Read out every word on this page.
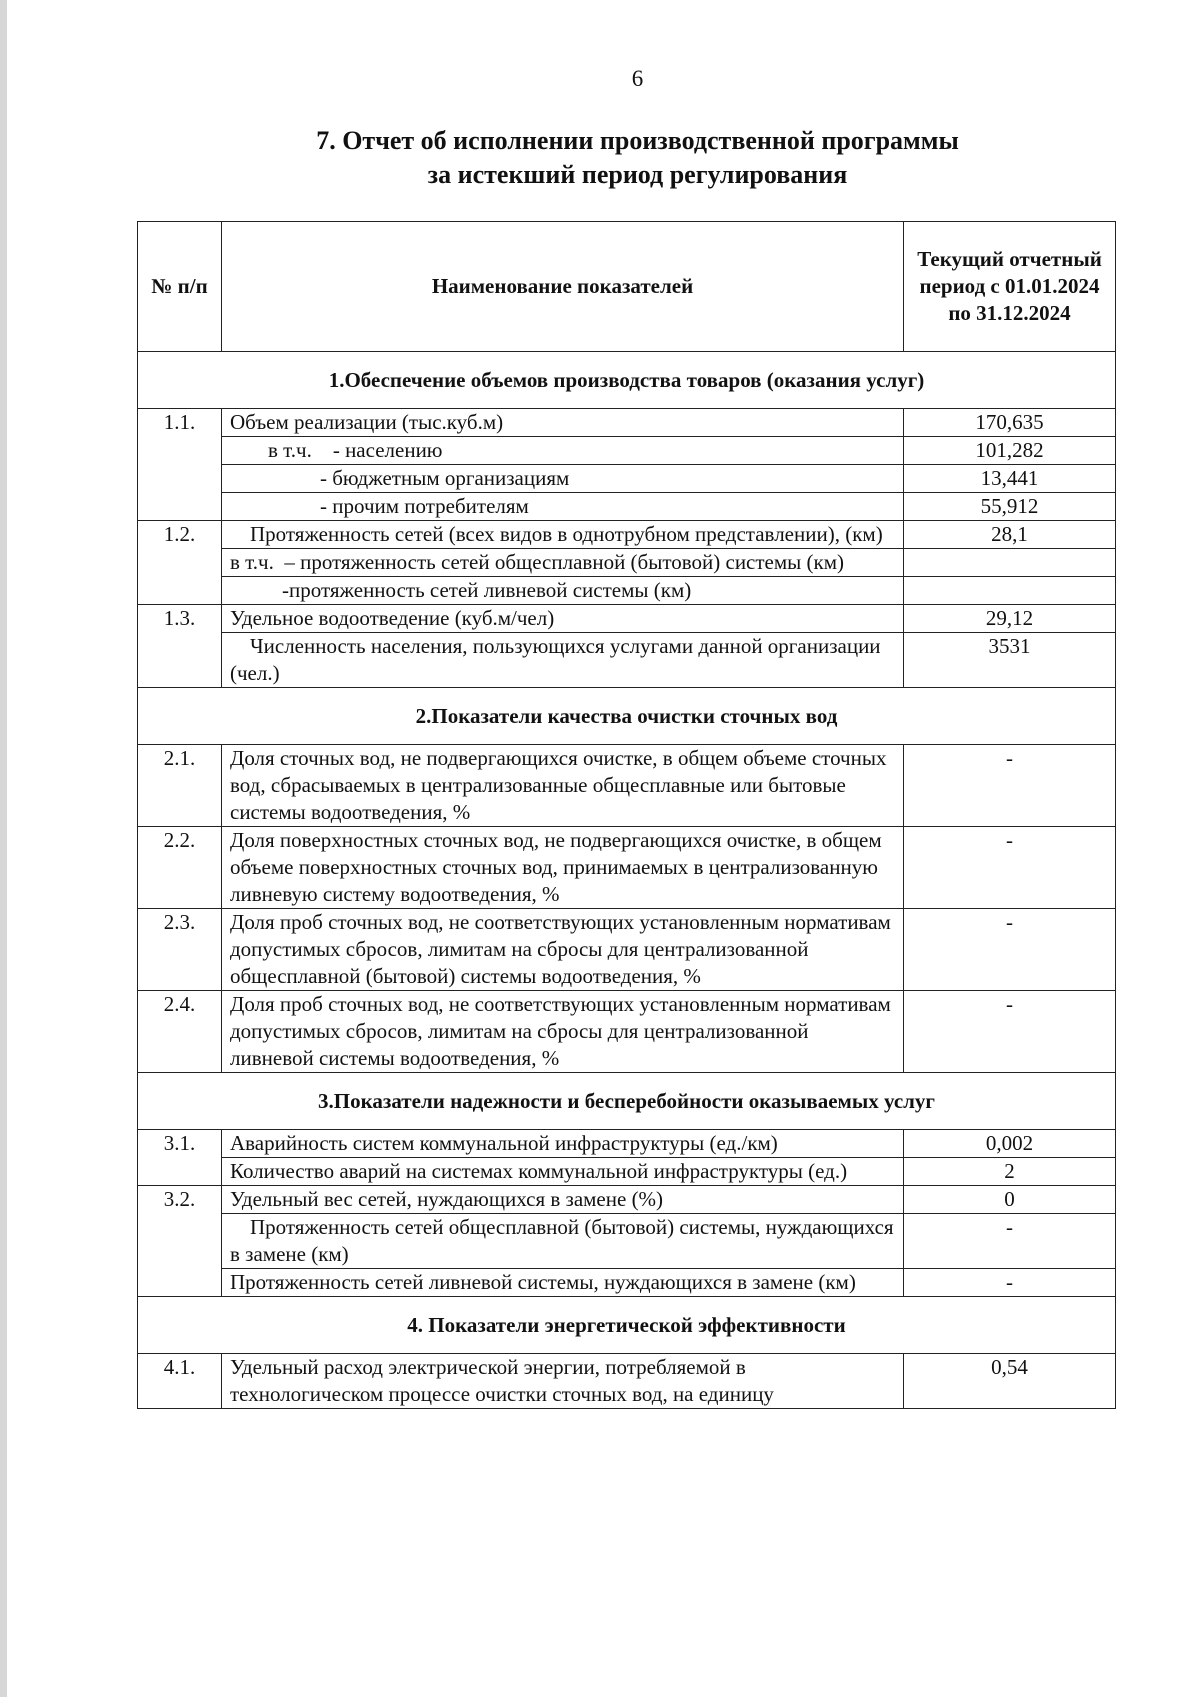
6
7. Отчет об исполнении производственной программы
за истекший период регулирования
№ п/п	Наименование показателей	Текущий отчетный период с 01.01.2024 по 31.12.2024
1.Обеспечение объемов производства товаров (оказания услуг)		
1.1.	Объем реализации (тыс.куб.м)	170,635
	в т.ч.    - населению	101,282
	- бюджетным организациям	13,441
	- прочим потребителям	55,912
1.2.	Протяженность сетей (всех видов в однотрубном представлении), (км)	28,1
	в т.ч.  – протяженность сетей общесплавной (бытовой) системы (км)	
	-протяженность сетей ливневой системы (км)	
1.3.	Удельное водоотведение (куб.м/чел)	29,12
	Численность населения, пользующихся услугами данной организации (чел.)	3531
2.Показатели качества очистки сточных вод		
2.1.	Доля сточных вод, не подвергающихся очистке, в общем объеме сточных вод, сбрасываемых в централизованные общесплавные или бытовые системы водоотведения, %	-
2.2.	Доля поверхностных сточных вод, не подвергающихся очистке, в общем объеме поверхностных сточных вод, принимаемых в централизованную ливневую систему водоотведения, %	-
2.3.	Доля проб сточных вод, не соответствующих установленным нормативам допустимых сбросов, лимитам на сбросы для централизованной общесплавной (бытовой) системы водоотведения, %	-
2.4.	Доля проб сточных вод, не соответствующих установленным нормативам допустимых сбросов, лимитам на сбросы для централизованной ливневой системы водоотведения, %	-
3.Показатели надежности и бесперебойности оказываемых услуг		
3.1.	Аварийность систем коммунальной инфраструктуры (ед./км)	0,002
	Количество аварий на системах коммунальной инфраструктуры (ед.)	2
3.2.	Удельный вес сетей, нуждающихся в замене (%)	0
	Протяженность сетей общесплавной (бытовой) системы, нуждающихся в замене (км)	-
	Протяженность сетей ливневой системы, нуждающихся в замене (км)	-
4. Показатели энергетической эффективности		
4.1.	Удельный расход электрической энергии, потребляемой в технологическом процессе очистки сточных вод, на единицу	0,54
